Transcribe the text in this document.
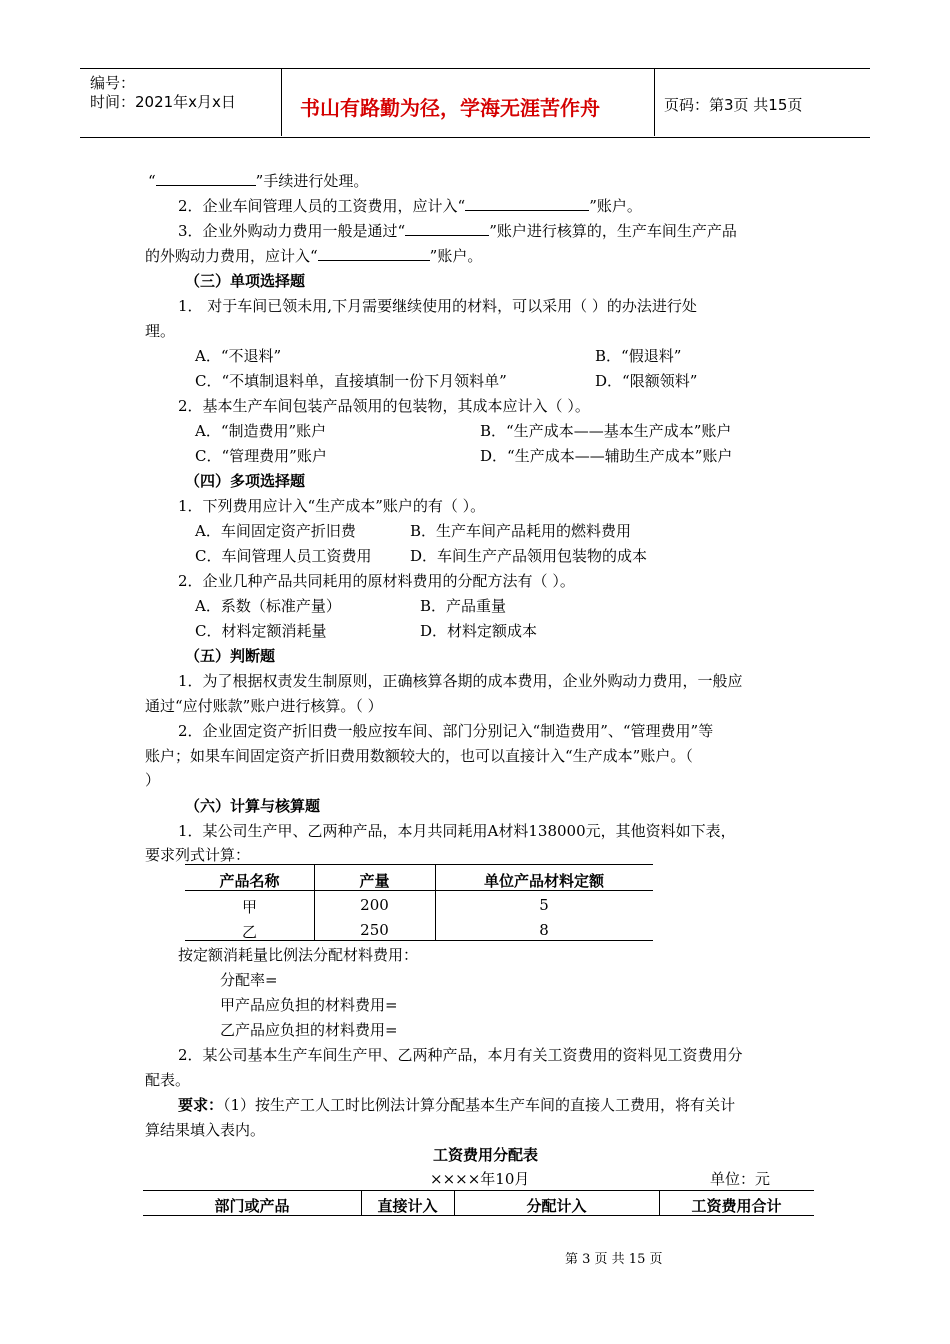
编号：
时间：2021年x月x日	书山有路勤为径，学海无涯苦作舟	页码：第3页 共15页
“	”手续进行处理。
2．企业车间管理人员的工资费用，应计入“	”账户。
3．企业外购动力费用一般是通过“	”账户进行核算的，生产车间生产产品
的外购动力费用，应计入“	”账户。
（三）单项选择题
1． 对于车间已领未用,下月需要继续使用的材料，可以采用（ ）的办法进行处
理。
A．“不退料”	B．“假退料”
C．“不填制退料单，直接填制一份下月领料单”	D．“限额领料”
2．基本生产车间包装产品领用的包装物，其成本应计入（ ）。
A．“制造费用”账户	B．“生产成本——基本生产成本”账户
C．“管理费用”账户	D．“生产成本——辅助生产成本”账户
（四）多项选择题
1．下列费用应计入“生产成本”账户的有（ ）。
A．车间固定资产折旧费	B．生产车间产品耗用的燃料费用
C．车间管理人员工资费用	D．车间生产产品领用包装物的成本
2．企业几种产品共同耗用的原材料费用的分配方法有（ ）。
A．系数（标准产量）	B．产品重量
C．材料定额消耗量	D．材料定额成本
（五）判断题
1．为了根据权责发生制原则，正确核算各期的成本费用，企业外购动力费用，一般应
通过“应付账款”账户进行核算。（ ）
2．企业固定资产折旧费一般应按车间、部门分别记入“制造费用”、“管理费用”等
账户；如果车间固定资产折旧费用数额较大的，也可以直接计入“生产成本”账户。（
）
（六）计算与核算题
1．某公司生产甲、乙两种产品，本月共同耗用A材料138000元，其他资料如下表，
要求列式计算：
产品名称	产量	单位产品材料定额
甲	200	5
乙	250	8
按定额消耗量比例法分配材料费用：
分配率=
甲产品应负担的材料费用=
乙产品应负担的材料费用=
2．某公司基本生产车间生产甲、乙两种产品，本月有关工资费用的资料见工资费用分
配表。
要求：（1）按生产工人工时比例法计算分配基本生产车间的直接人工费用，将有关计
算结果填入表内。
工资费用分配表
××××年10月	单位：元
部门或产品	直接计入	分配计入	工资费用合计
第 3 页 共 15 页
